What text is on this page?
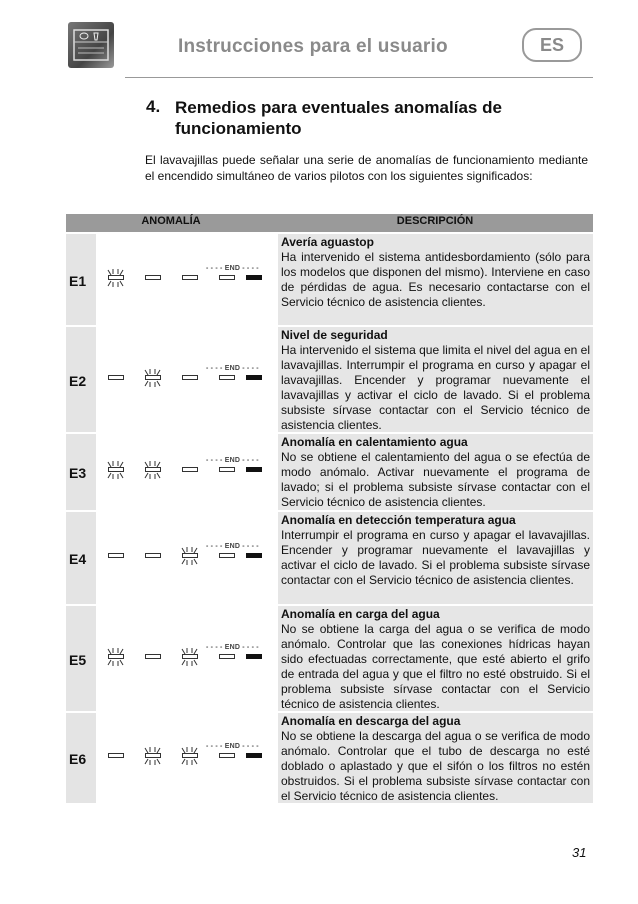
Instrucciones para el usuario	ES
4. Remedios para eventuales anomalías de funcionamiento
El lavavajillas puede señalar una serie de anomalías de funcionamiento mediante el encendido simultáneo de varios pilotos con los siguientes significados:
ANOMALÍA	DESCRIPCIÓN
E1
- - - - END - - - -
Avería aguastop
Ha intervenido el sistema antidesbordamiento (sólo para los modelos que disponen del mismo). Interviene en caso de pérdidas de agua. Es necesario contactarse con el Servicio técnico de asistencia clientes.
E2
- - - - END - - - -
Nivel de seguridad
Ha intervenido el sistema que limita el nivel del agua en el lavavajillas. Interrumpir el programa en curso y apagar el lavavajillas. Encender y programar nuevamente el lavavajillas y activar el ciclo de lavado. Si el problema subsiste sírvase contactar con el Servicio técnico de asistencia clientes.
E3
- - - - END - - - -
Anomalía en calentamiento agua
No se obtiene el calentamiento del agua o se efectúa de modo anómalo. Activar nuevamente el programa de lavado; si el problema subsiste sírvase contactar con el Servicio técnico de asistencia clientes.
E4
- - - - END - - - -
Anomalía en detección temperatura agua
Interrumpir el programa en curso y apagar el lavavajillas. Encender y programar nuevamente el lavavajillas y activar el ciclo de lavado. Si el problema subsiste sírvase contactar con el Servicio técnico de asistencia clientes.
E5
- - - - END - - - -
Anomalía en carga del agua
No se obtiene la carga del agua o se verifica de modo anómalo. Controlar que las conexiones hídricas hayan sido efectuadas correctamente, que esté abierto el grifo de entrada del agua y que el filtro no esté obstruido. Si el problema subsiste sírvase contactar con el Servicio técnico de asistencia clientes.
E6
- - - - END - - - -
Anomalía en descarga del agua
No se obtiene la descarga del agua o se verifica de modo anómalo. Controlar que el tubo de descarga no esté doblado o aplastado y que el sifón o los filtros no estén obstruidos. Si el problema subsiste sírvase contactar con el Servicio técnico de asistencia clientes.
31
